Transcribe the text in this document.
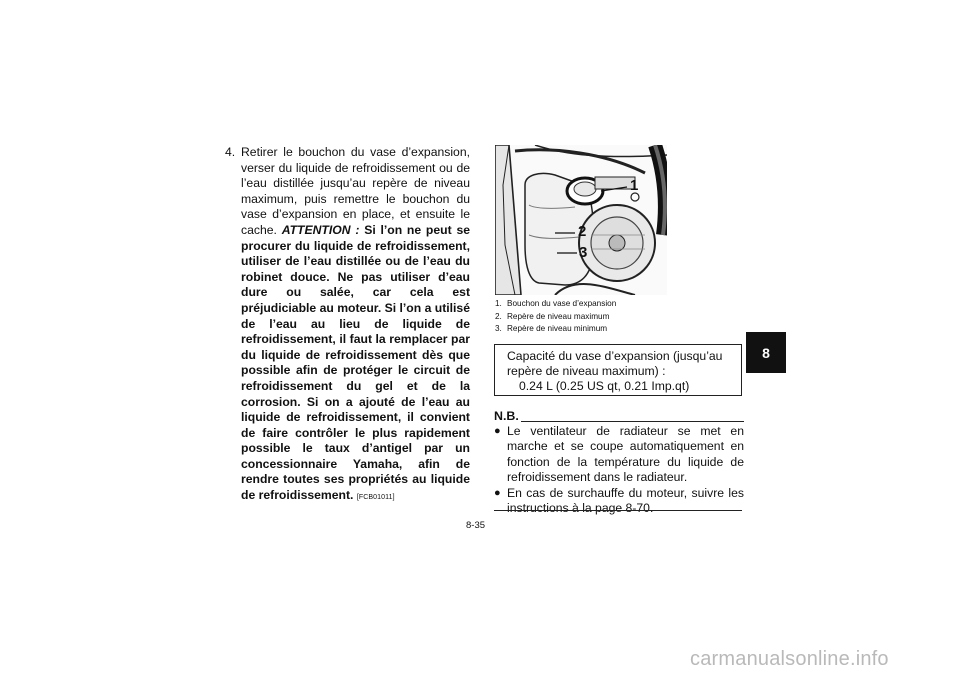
4. Retirer le bouchon du vase d’expansion, verser du liquide de refroidissement ou de l’eau distillée jusqu’au repère de niveau maximum, puis remettre le bouchon du vase d’expansion en place, et ensuite le cache. ATTENTION : Si l’on ne peut se procurer du liquide de refroidissement, utiliser de l’eau distillée ou de l’eau du robinet douce. Ne pas utiliser d’eau dure ou salée, car cela est préjudiciable au moteur. Si l’on a utilisé de l’eau au lieu de liquide de refroidissement, il faut la remplacer par du liquide de refroidissement dès que possible afin de protéger le circuit de refroidissement du gel et de la corrosion. Si on a ajouté de l’eau au liquide de refroidissement, il convient de faire contrôler le plus rapidement possible le taux d’antigel par un concessionnaire Yamaha, afin de rendre toutes ses propriétés au liquide de refroidissement. [FCB01011]
1
2
3
1. Bouchon du vase d’expansion
2. Repère de niveau maximum
3. Repère de niveau minimum
Capacité du vase d’expansion (jusqu’au repère de niveau maximum) :
0.24 L (0.25 US qt, 0.21 Imp.qt)
N.B.
● Le ventilateur de radiateur se met en marche et se coupe automatiquement en fonction de la température du liquide de refroidissement dans le radiateur.
● En cas de surchauffe du moteur, suivre les instructions à la page 8-70.
8-35
8
carmanualsonline.info
